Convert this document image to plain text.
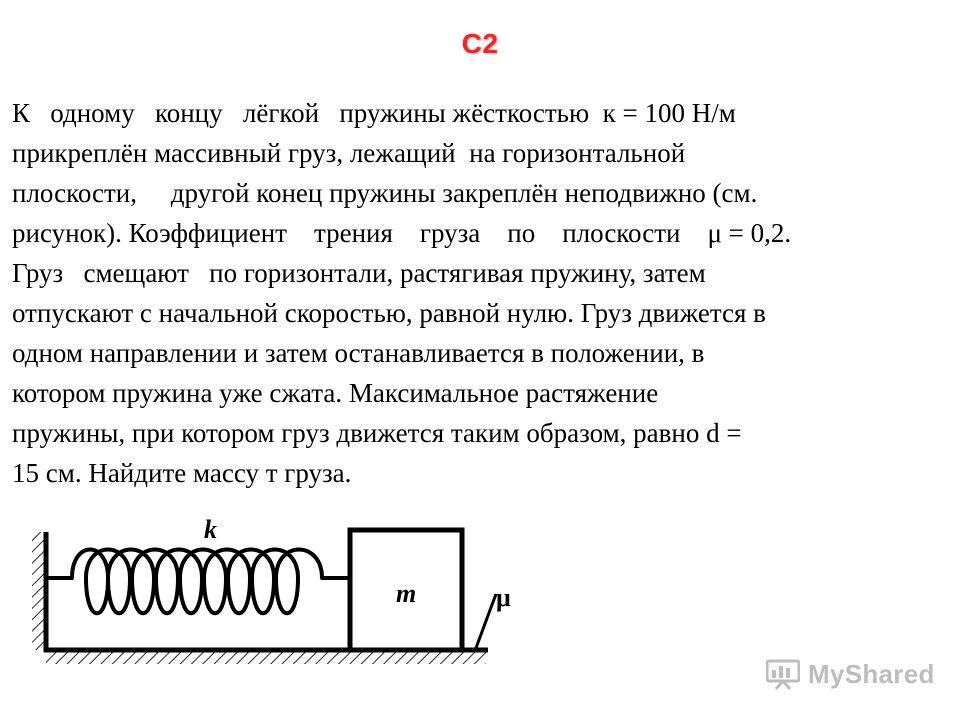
C2
К   одному   концу   лёгкой   пружины жёсткостью  к = 100 Н/м
прикреплён массивный груз, лежащий  на горизонтальной
плоскости,     другой конец пружины закреплён неподвижно (см.
рисунок). Коэффициент    трения    груза    по    плоскости    μ = 0,2.
Груз   смещают   по горизонтали, растягивая пружину, затем
отпускают с начальной скоростью, равной нулю. Груз движется в
одном направлении и затем останавливается в положении, в
котором пружина уже сжата. Максимальное растяжение
пружины, при котором груз движется таким образом, равно d =
15 см. Найдите массу т груза.
k
m	μ
MyShared
